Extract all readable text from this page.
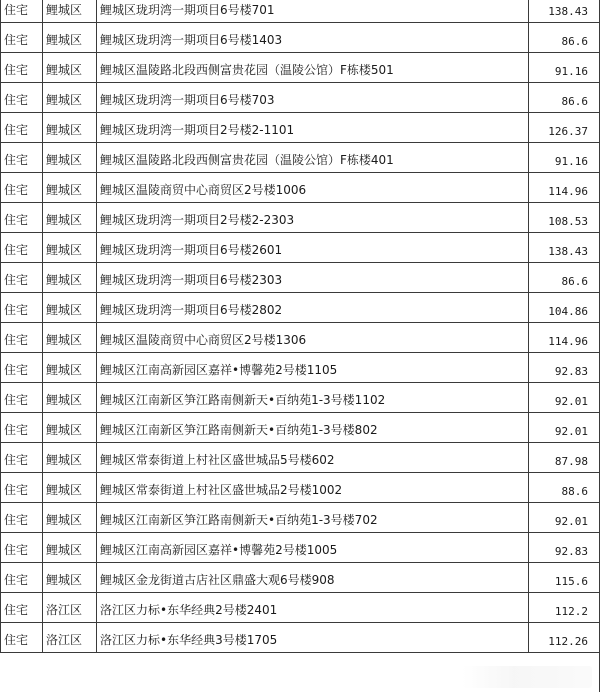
住宅	鲤城区	鲤城区珑玥湾一期项目6号楼701	138.43
住宅	鲤城区	鲤城区珑玥湾一期项目6号楼1403	86.6
住宅	鲤城区	鲤城区温陵路北段西侧富贵花园（温陵公馆）F栋楼501	91.16
住宅	鲤城区	鲤城区珑玥湾一期项目6号楼703	86.6
住宅	鲤城区	鲤城区珑玥湾一期项目2号楼2-1101	126.37
住宅	鲤城区	鲤城区温陵路北段西侧富贵花园（温陵公馆）F栋楼401	91.16
住宅	鲤城区	鲤城区温陵商贸中心商贸区2号楼1006	114.96
住宅	鲤城区	鲤城区珑玥湾一期项目2号楼2-2303	108.53
住宅	鲤城区	鲤城区珑玥湾一期项目6号楼2601	138.43
住宅	鲤城区	鲤城区珑玥湾一期项目6号楼2303	86.6
住宅	鲤城区	鲤城区珑玥湾一期项目6号楼2802	104.86
住宅	鲤城区	鲤城区温陵商贸中心商贸区2号楼1306	114.96
住宅	鲤城区	鲤城区江南高新园区嘉祥•博馨苑2号楼1105	92.83
住宅	鲤城区	鲤城区江南新区笋江路南侧新天•百纳苑1-3号楼1102	92.01
住宅	鲤城区	鲤城区江南新区笋江路南侧新天•百纳苑1-3号楼802	92.01
住宅	鲤城区	鲤城区常泰街道上村社区盛世城品5号楼602	87.98
住宅	鲤城区	鲤城区常泰街道上村社区盛世城品2号楼1002	88.6
住宅	鲤城区	鲤城区江南新区笋江路南侧新天•百纳苑1-3号楼702	92.01
住宅	鲤城区	鲤城区江南高新园区嘉祥•博馨苑2号楼1005	92.83
住宅	鲤城区	鲤城区金龙街道古店社区鼎盛大观6号楼908	115.6
住宅	洛江区	洛江区力标•东华经典2号楼2401	112.2
住宅	洛江区	洛江区力标•东华经典3号楼1705	112.26
